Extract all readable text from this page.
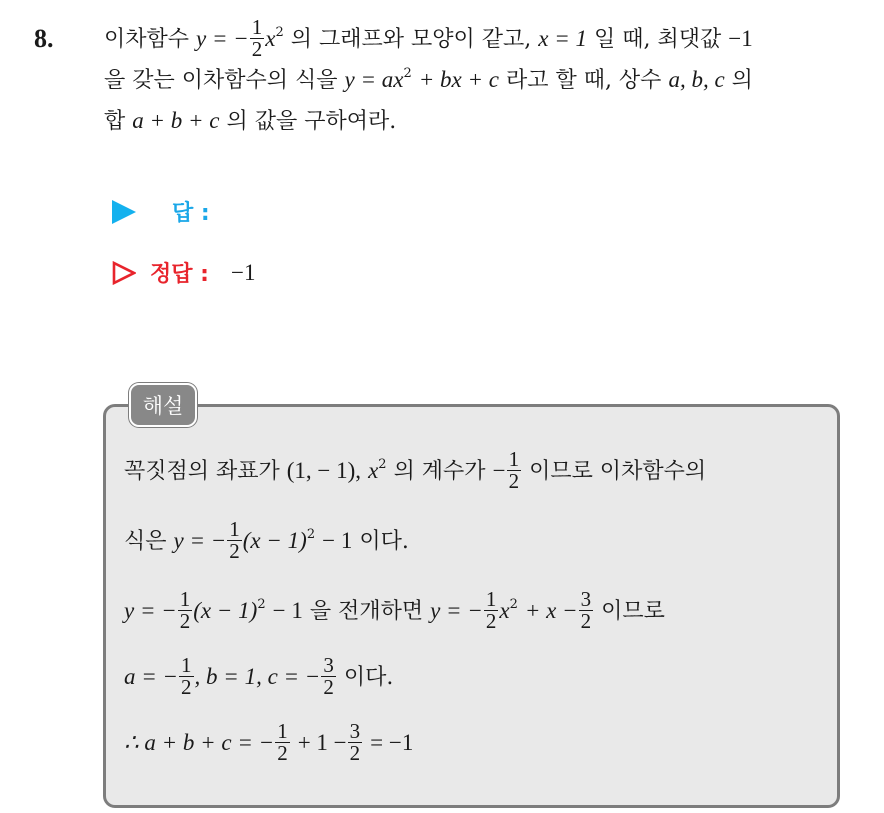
8. 이차함수 y = − $\frac{1}{2} x^2$ 의 그래프와 모양이 같고, x = 1 일 때, 최댓값 −1
을 갖는 이차함수의 식을 $y = ax^2$ + bx + c 라고 할 때, 상수 a, b, c 의
합 a + b + c 의 값을 구하여라.
답 :
정답 : −1
해설
꼭짓점의 좌표가 (1, − 1), $x^2$ 의 계수가 − $\frac{1}{2}$ 이므로 이차함수의
식은 y = − $\frac{1}{2} (x - 1)^2 - 1$ 이다.
y = − $\frac{1}{2} (x - 1)^2 - 1$ 을 전개하면 y = − $\frac{1}{2} x^2 + x - \frac{3}{2}$ 이므로
a = − $\frac{1}{2}$ , b = 1, c = − $\frac{3}{2}$ 이다.
∴ a + b + c = − $\frac{1}{2} + 1 - \frac{3}{2} = -1$
